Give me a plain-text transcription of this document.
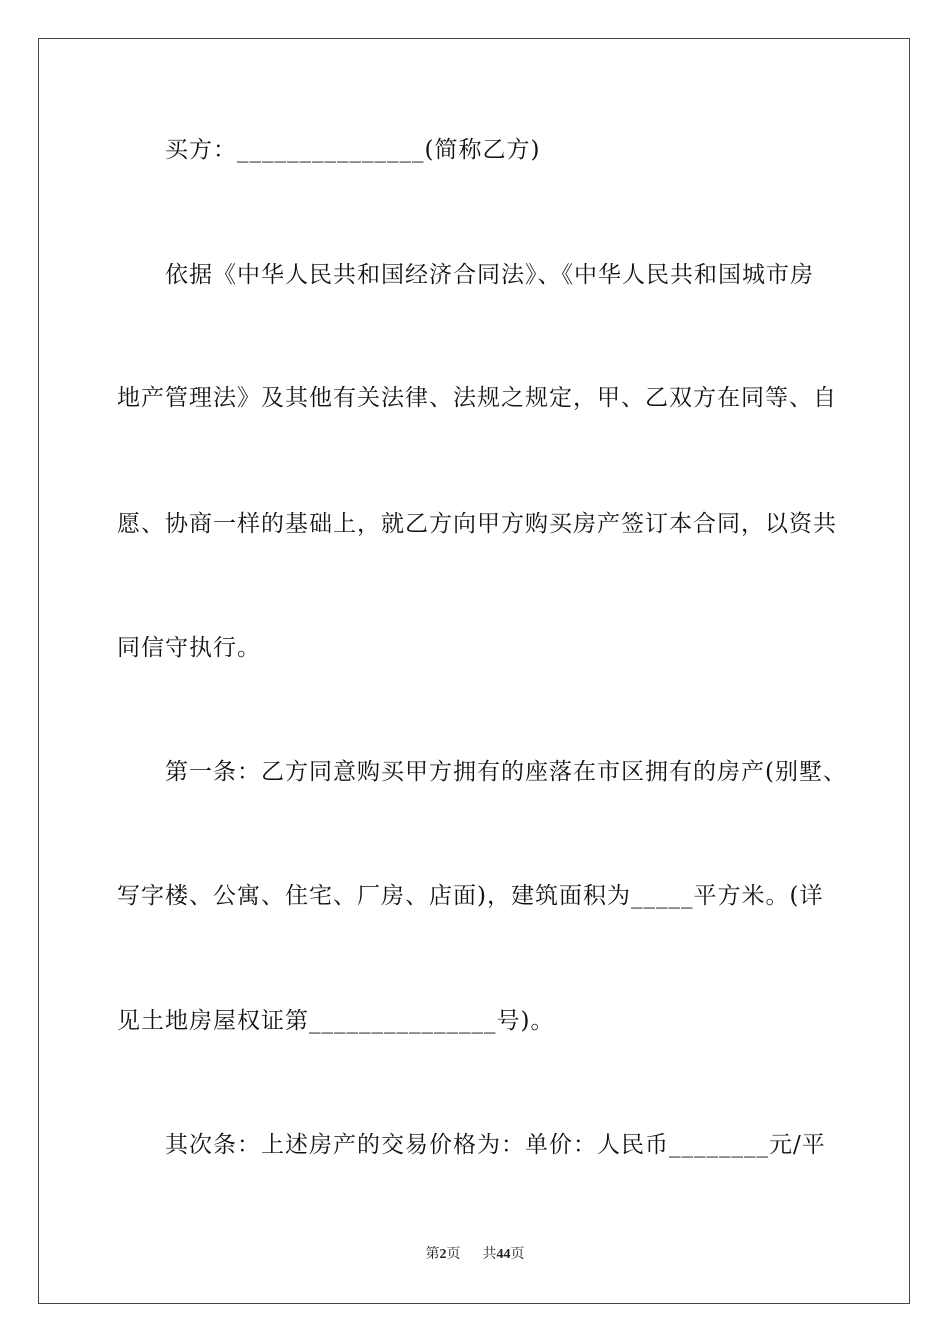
买方：_______________(简称乙方)
依据《中华人民共和国经济合同法》、《中华人民共和国城市房
地产管理法》及其他有关法律、法规之规定，甲、乙双方在同等、自
愿、协商一样的基础上，就乙方向甲方购买房产签订本合同，以资共
同信守执行。
第一条：乙方同意购买甲方拥有的座落在市区拥有的房产(别墅、
写字楼、公寓、住宅、厂房、店面)，建筑面积为_____平方米。(详
见土地房屋权证第_______________号)。
其次条：上述房产的交易价格为：单价：人民币________元/平
第2页 共44页
